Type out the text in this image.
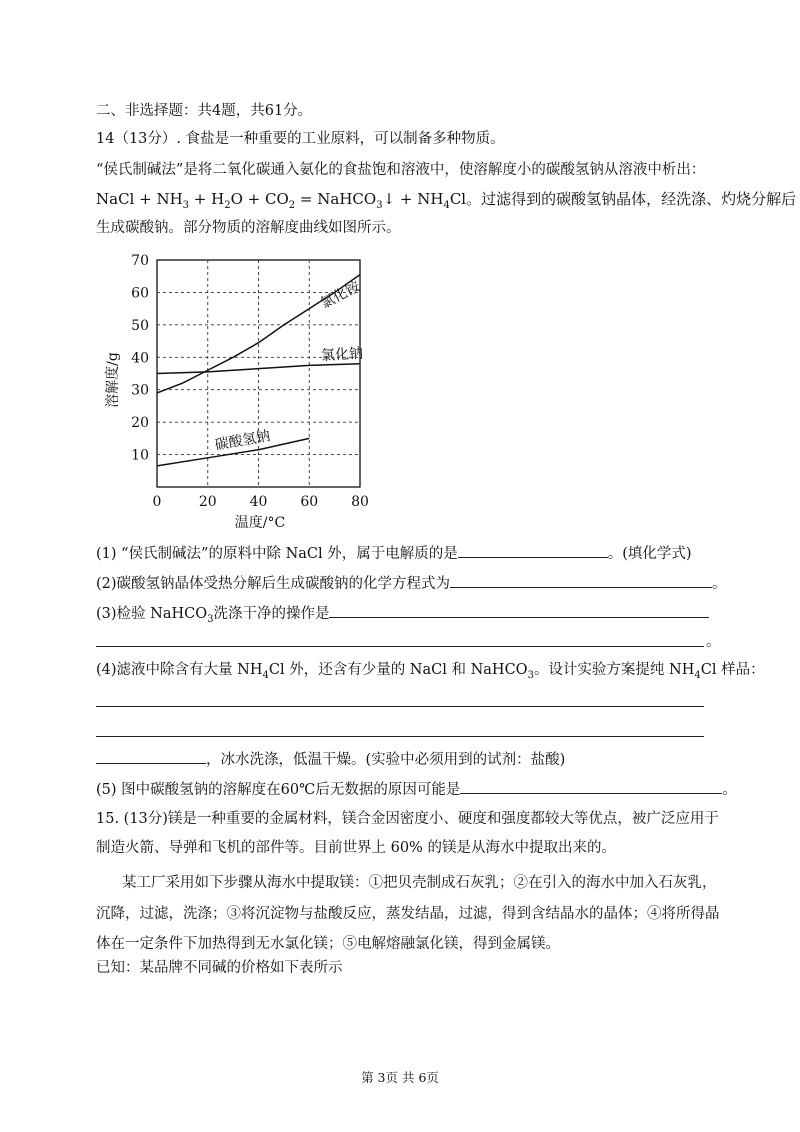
二、非选择题：共4题，共61分。
14（13分）. 食盐是一种重要的工业原料，可以制备多种物质。
“侯氏制碱法”是将二氧化碳通入氨化的食盐饱和溶液中，使溶解度小的碳酸氢钠从溶液中析出：
NaCl + $NH_3 + H_2O + CO_2$ = NaHCO$_3$↓ + $NH_4Cl$。过滤得到的碳酸氢钠晶体，经洗涤、灼烧分解后
生成碳酸钠。部分物质的溶解度曲线如图所示。
氯化铵
氯化钠
碳酸氢钠
0	20 40 60 80
10
20
30
40
50
60
70
温度/°C
溶解度/g
(1) “侯氏制碱法”的原料中除 NaCl 外，属于电解质的是	。(填化学式)
(2)碳酸氢钠晶体受热分解后生成碳酸钠的化学方程式为	。
(3)检验 NaHCO$_3$洗涤干净的操作是
。
(4)滤液中除含有大量 $NH_4Cl$ 外，还含有少量的 NaCl 和 NaHCO$_3$。设计实验方案提纯 $NH_4Cl$ 样品：
，冰水洗涤，低温干燥。(实验中必须用到的试剂：盐酸)
(5) 图中碳酸氢钠的溶解度在60℃后无数据的原因可能是	。
15. (13分)镁是一种重要的金属材料，镁合金因密度小、硬度和强度都较大等优点，被广泛应用于
制造火箭、导弹和飞机的部件等。目前世界上 60% 的镁是从海水中提取出来的。
某工厂采用如下步骤从海水中提取镁：①把贝壳制成石灰乳；②在引入的海水中加入石灰乳，
沉降，过滤，洗涤；③将沉淀物与盐酸反应，蒸发结晶，过滤，得到含结晶水的晶体；④将所得晶
体在一定条件下加热得到无水氯化镁；⑤电解熔融氯化镁，得到金属镁。
已知：某品牌不同碱的价格如下表所示
第 3页 共 6页
